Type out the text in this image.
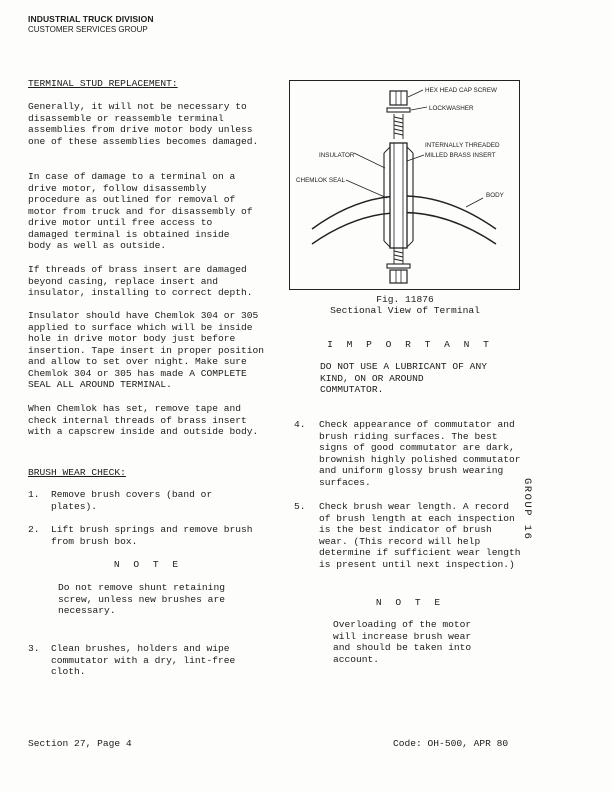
INDUSTRIAL TRUCK DIVISION
CUSTOMER SERVICES GROUP
TERMINAL STUD REPLACEMENT:

Generally, it will not be necessary to disassemble or reassemble terminal assemblies from drive motor body unless one of these assemblies becomes damaged.

In case of damage to a terminal on a drive motor, follow disassembly procedure as outlined for removal of motor from truck and for disassembly of drive motor until free access to damaged terminal is obtained inside body as well as outside.

If threads of brass insert are damaged beyond casing, replace insert and insulator, installing to correct depth.

Insulator should have Chemlok 304 or 305 applied to surface which will be inside hole in drive motor body just before insertion. Tape insert in proper position and allow to set over night. Make sure Chemlok 304 or 305 has made A COMPLETE SEAL ALL AROUND TERMINAL.

When Chemlok has set, remove tape and check internal threads of brass insert with a capscrew inside and outside body.

BRUSH WEAR CHECK:
1.	Remove brush covers (band or plates).
2.	Lift brush springs and remove brush from brush box.
N O T E

Do not remove shunt retaining screw, unless new brushes are necessary.

3.	Clean brushes, holders and wipe commutator with a dry, lint-free cloth.
HEX HEAD CAP SCREW
LOCKWASHER
INTERNALLY THREADED
MILLED BRASS INSERT
INSULATOR
CHEMLOK SEAL
BODY
Fig. 11876
Sectional View of Terminal
I M P O R T A N T

DO NOT USE A LUBRICANT OF ANY KIND, ON OR AROUND COMMUTATOR.

4.	Check appearance of commutator and brush riding surfaces. The best signs of good commutator are dark, brownish highly polished commutator and uniform glossy brush wearing surfaces.
5.	Check brush wear length. A record of brush length at each inspection is the best indicator of brush wear. (This record will help determine if sufficient wear length is present until next inspection.)
N O T E

Overloading of the motor will increase brush wear and should be taken into account.

GROUP 16
Section 27, Page 4	Code: OH-500, APR 80
